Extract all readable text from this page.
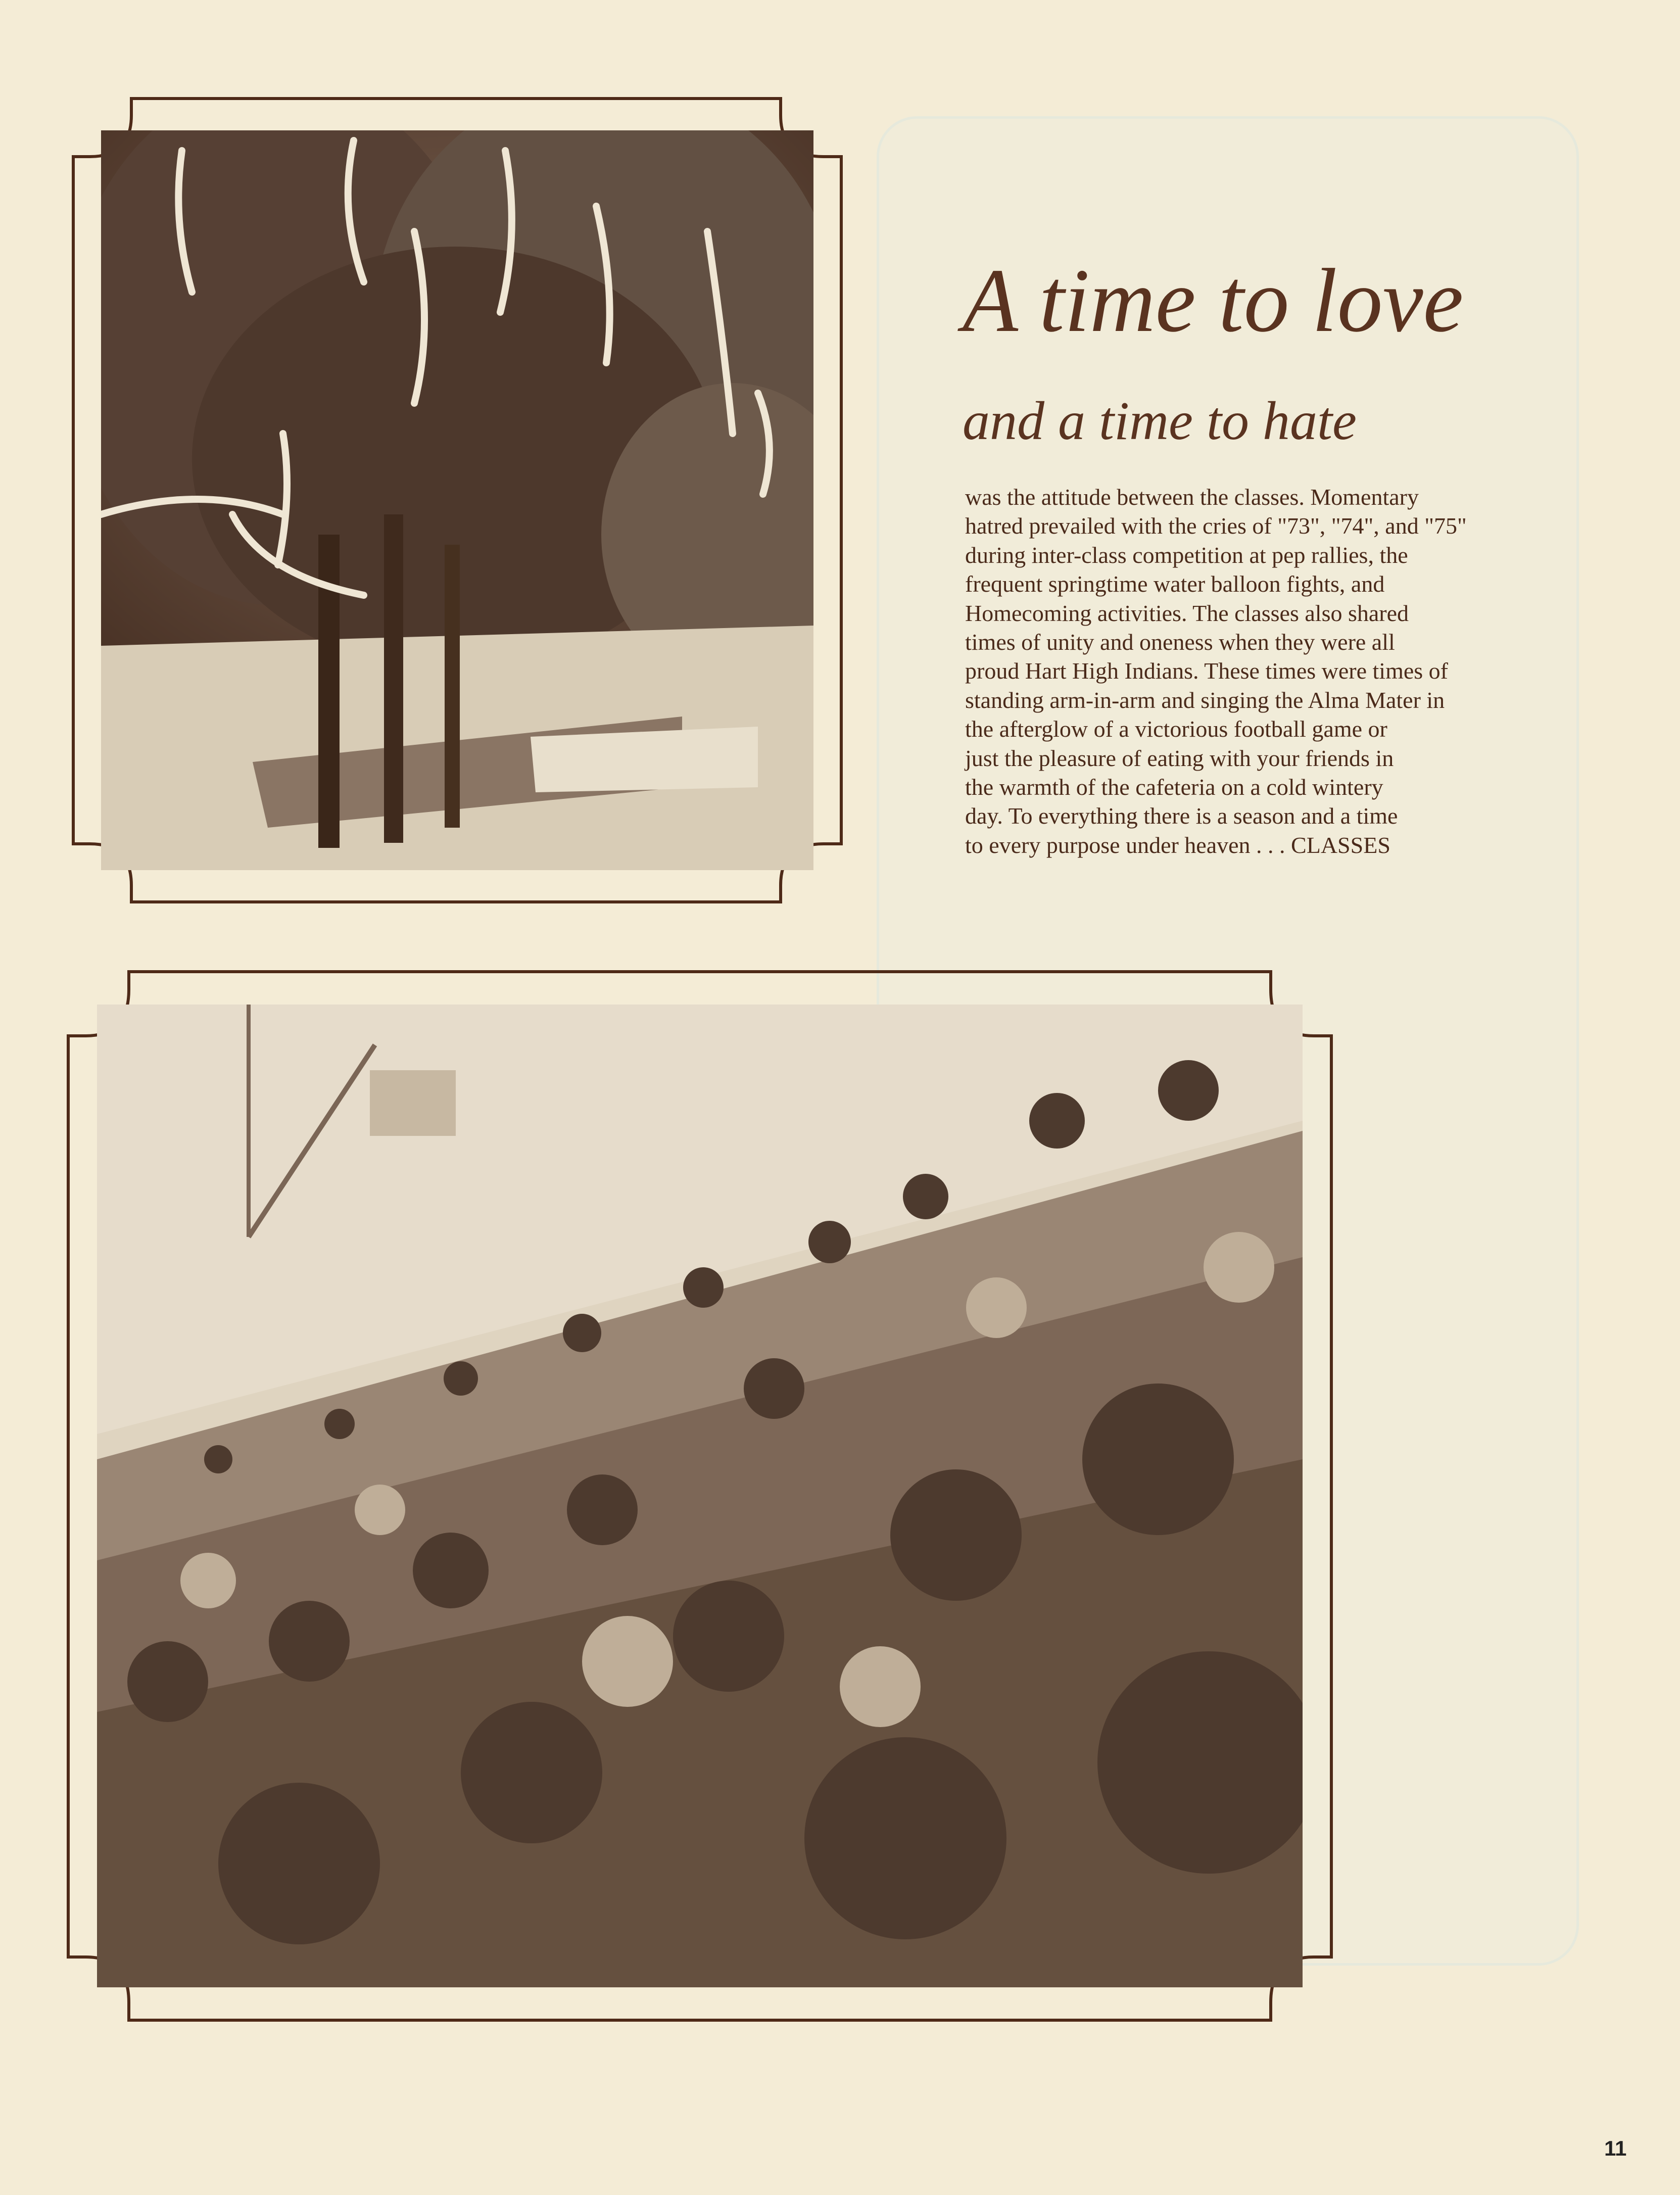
A time to love
and a time to hate
was the attitude between the classes. Momentary
hatred prevailed with the cries of "73", "74", and "75"
during inter-class competition at pep rallies, the
frequent springtime water balloon fights, and
Homecoming activities. The classes also shared
times of unity and oneness when they were all
proud Hart High Indians. These times were times of
standing arm-in-arm and singing the Alma Mater in
the afterglow of a victorious football game or
just the pleasure of eating with your friends in
the warmth of the cafeteria on a cold wintery
day. To everything there is a season and a time
to every purpose under heaven . . . CLASSES
11
